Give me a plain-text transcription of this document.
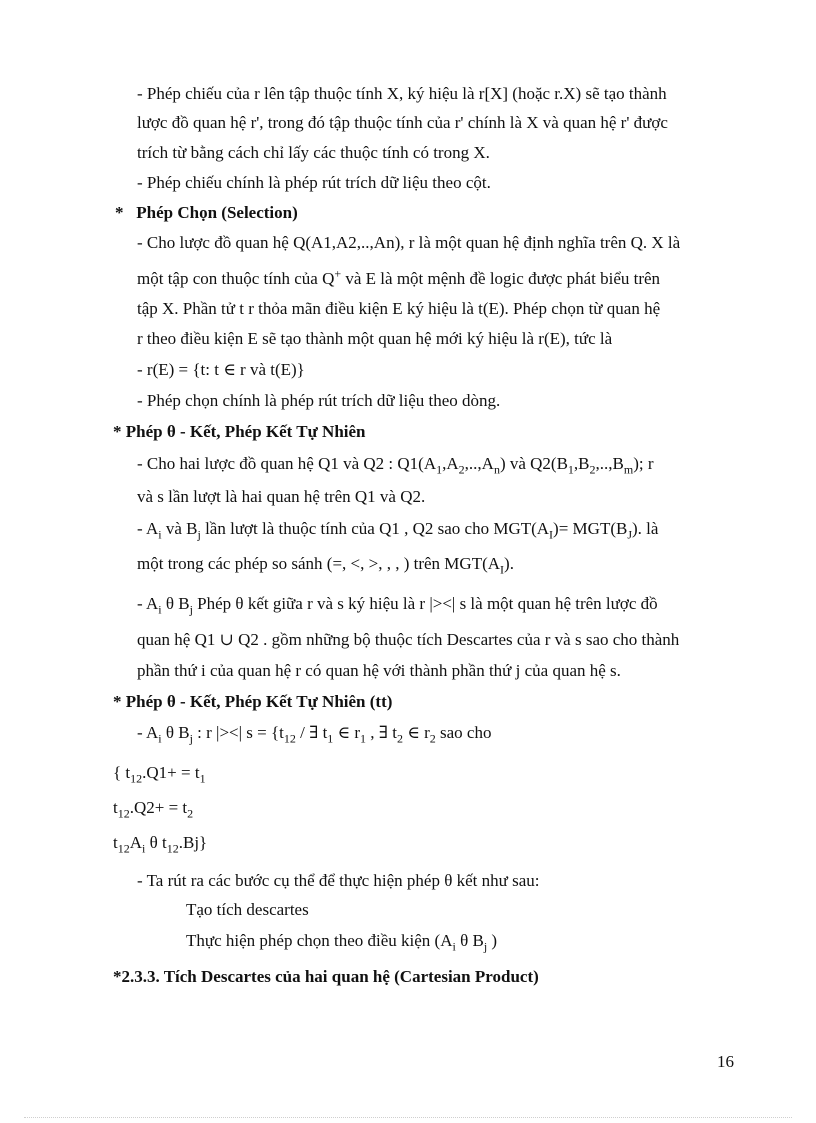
- Phép chiếu của r lên tập thuộc tính X, ký hiệu là r[X] (hoặc r.X) sẽ tạo thành
lược đồ quan hệ r', trong đó tập thuộc tính của r' chính là X và quan hệ r' được
trích từ bằng cách chỉ lấy các thuộc tính có trong X.
- Phép chiếu chính là phép rút trích dữ liệu theo cột.
* Phép Chọn (Selection)
- Cho lược đồ quan hệ Q(A1,A2,..,An), r là một quan hệ định nghĩa trên Q. X là
một tập con thuộc tính của Q+ và E là một mệnh đề logic được phát biểu trên
tập X. Phần tử t r thỏa mãn điều kiện E ký hiệu là t(E). Phép chọn từ quan hệ
r theo điều kiện E sẽ tạo thành một quan hệ mới ký hiệu là r(E), tức là
- r(E) = {t: t ∈ r và t(E)}
- Phép chọn chính là phép rút trích dữ liệu theo dòng.
* Phép θ - Kết, Phép Kết Tự Nhiên
- Cho hai lược đồ quan hệ Q1 và Q2 : $Q1(A_1,A_2,..,A_n)$ và $Q2(B_1,B_2,..,B_m)$; r
và s lần lượt là hai quan hệ trên Q1 và Q2.
- $A_i$ và $B_j$ lần lượt là thuộc tính của Q1 , Q2 sao cho $MGT(A_I)= MGT(B_J)$. là
một trong các phép so sánh (=, <, >, , , ) trên $MGT(A_I)$.
- $A_i$ θ $B_j$ Phép θ kết giữa r và s ký hiệu là r |><| s là một quan hệ trên lược đồ
quan hệ Q1 ∪ Q2 . gồm những bộ thuộc tích Descartes của r và s sao cho thành
phần thứ i của quan hệ r có quan hệ với thành phần thứ j của quan hệ s.
* Phép θ - Kết, Phép Kết Tự Nhiên (tt)
- $A_i$ θ $B_j$ : r |><| $s = \{t_{12}$ / ∃ $t_1$ ∈ $r_1$ , ∃ $t_2$ ∈ $r_2$ sao cho
{ $t_{12}.Q1+ = t_1$
$t_{12}.Q2+ = t_2$
$t_{12}A_i$ θ $t_{12}.Bj$}
- Ta rút ra các bước cụ thể để thực hiện phép θ kết như sau:
Tạo tích descartes
Thực hiện phép chọn theo điều kiện ($A_i$ θ $B_j$ )
*2.3.3. Tích Descartes của hai quan hệ (Cartesian Product)
16
